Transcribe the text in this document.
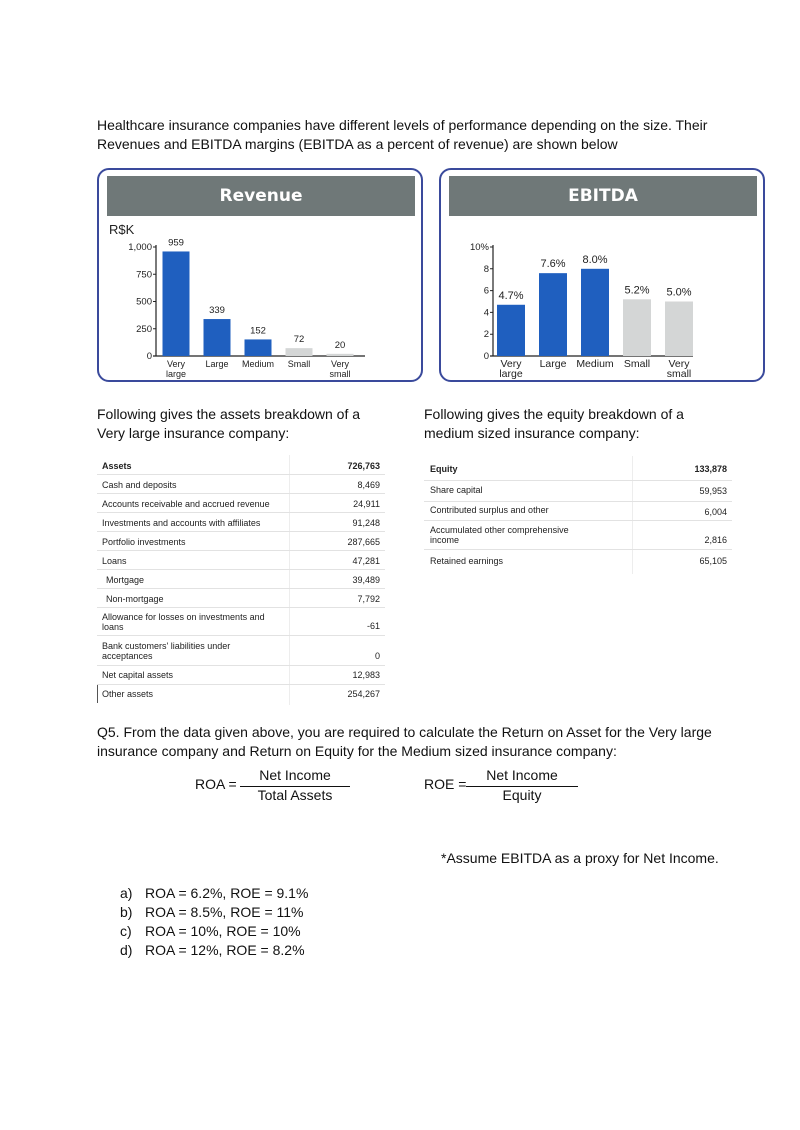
Healthcare insurance companies have different levels of performance depending on the size. Their
Revenues and EBITDA margins (EBITDA as a percent of revenue) are shown below
Revenue
R$K
1,000
750
500
250
0
959
Very
large
339
Large
152
Medium
72
Small
20
Very
small
EBITDA
10%
8
6
4
2
0
4.7%
Very
large
7.6%
Large
8.0%
Medium
5.2%
Small
5.0%
Very
small
Following gives the assets breakdown of a
Very large insurance company:
Following gives the equity breakdown of a
medium sized insurance company:
Assets	726,763
Cash and deposits	8,469
Accounts receivable and accrued revenue	24,911
Investments and accounts with affiliates	91,248
Portfolio investments	287,665
Loans	47,281
Mortgage	39,489
Non-mortgage	7,792
Allowance for losses on investments and
loans	-61
Bank customers' liabilities under
acceptances	0
Net capital assets	12,983
Other assets	254,267
Equity	133,878
Share capital	59,953
Contributed surplus and other	6,004
Accumulated other comprehensive
income	2,816
Retained earnings	65,105
Q5. From the data given above, you are required to calculate the Return on Asset for the Very large
insurance company and Return on Equity for the Medium sized insurance company:
ROA =
Net Income
Total Assets
ROE =
Net Income
Equity
*Assume EBITDA as a proxy for Net Income.
a) ROA = 6.2%, ROE = 9.1%
b) ROA = 8.5%, ROE = 11%
c) ROA = 10%, ROE = 10%
d) ROA = 12%, ROE = 8.2%
